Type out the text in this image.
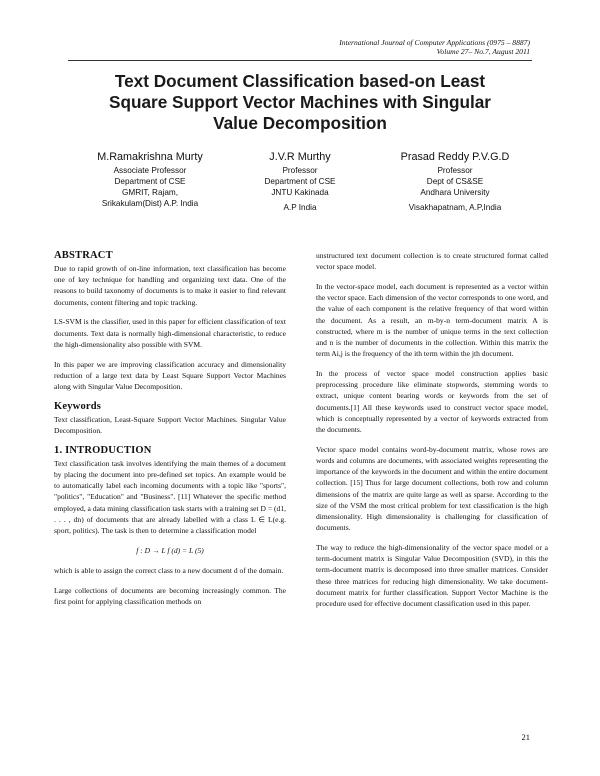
International Journal of Computer Applications (0975 – 8887)
Volume 27– No.7, August 2011
Text Document Classification based-on Least
Square Support Vector Machines with Singular
Value Decomposition
M.Ramakrishna Murty
Associate Professor
Department of CSE
GMRIT, Rajam,
Srikakulam(Dist) A.P. India
J.V.R Murthy
Professor
Department of CSE
JNTU Kakinada
A.P India
Prasad Reddy P.V.G.D
Professor
Dept of CS&SE
Andhara University
Visakhapatnam, A.P,India
ABSTRACT

Due to rapid growth of on-line information, text classification has become one of key technique for handling and organizing text data. One of the reasons to build taxonomy of documents is to make it easier to find relevant documents, content filtering and topic tracking.

LS-SVM is the classifier, used in this paper for efficient classification of text documents. Text data is normally high-dimensional characteristic, to reduce the high-dimensionality also possible with SVM.

In this paper we are improving classification accuracy and dimensionality reduction of a large text data by Least Square Support Vector Machines along with Singular Value Decomposition.

Keywords

Text classification, Least-Square Support Vector Machines. Singular Value Decomposition.

1. INTRODUCTION

Text classification task involves identifying the main themes of a document by placing the document into pre-defined set topics. An example would be to automatically label each incoming documents with a topic like "sports", "politics", "Education" and "Business". [11] Whatever the specific method employed, a data mining classification task starts with a training set D = (d1, . . . , dn) of documents that are already labelled with a class L ∈ L(e.g. sport, politics). The task is then to determine a classification model

f : D → L f (d) = L (5)

which is able to assign the correct class to a new document d of the domain.

Large collections of documents are becoming increasingly common. The first point for applying classification methods on

unstructured text document collection is to create structured format called vector space model.

In the vector-space model, each document is represented as a vector within the vector space. Each dimension of the vector corresponds to one word, and the value of each component is the relative frequency of that word within the document. As a result, an m-by-n term-document matrix A is constructed, where m is the number of unique terms in the text collection and n is the number of documents in the collection. Within this matrix the term Ai,j is the frequency of the ith term within the jth document.

In the process of vector space model construction applies basic preprocessing procedure like eliminate stopwords, stemming words to extract, unique content bearing words or keywords from the set of documents.[1] All these keywords used to construct vector space model, which is conceptually represented by a vector of keywords extracted from the documents.

Vector space model contains word-by-document matrix, whose rows are words and columns are documents, with associated weights representing the importance of the keywords in the document and within the entire document collection. [15] Thus for large document collections, both row and column dimensions of the matrix are quite large as well as sparse. According to the size of the VSM the most critical problem for text classification is the high dimensionality. High dimensionality is challenging for classification of documents.

The way to reduce the high-dimensionality of the vector space model or a term-document matrix is Singular Value Decomposition (SVD), in this the term-document matrix is decomposed into three smaller matrices. Consider these three matrices for reducing high dimensionality. We take document-document matrix for further classification. Support Vector Machine is the procedure used for effective document classification used in this paper.

21
